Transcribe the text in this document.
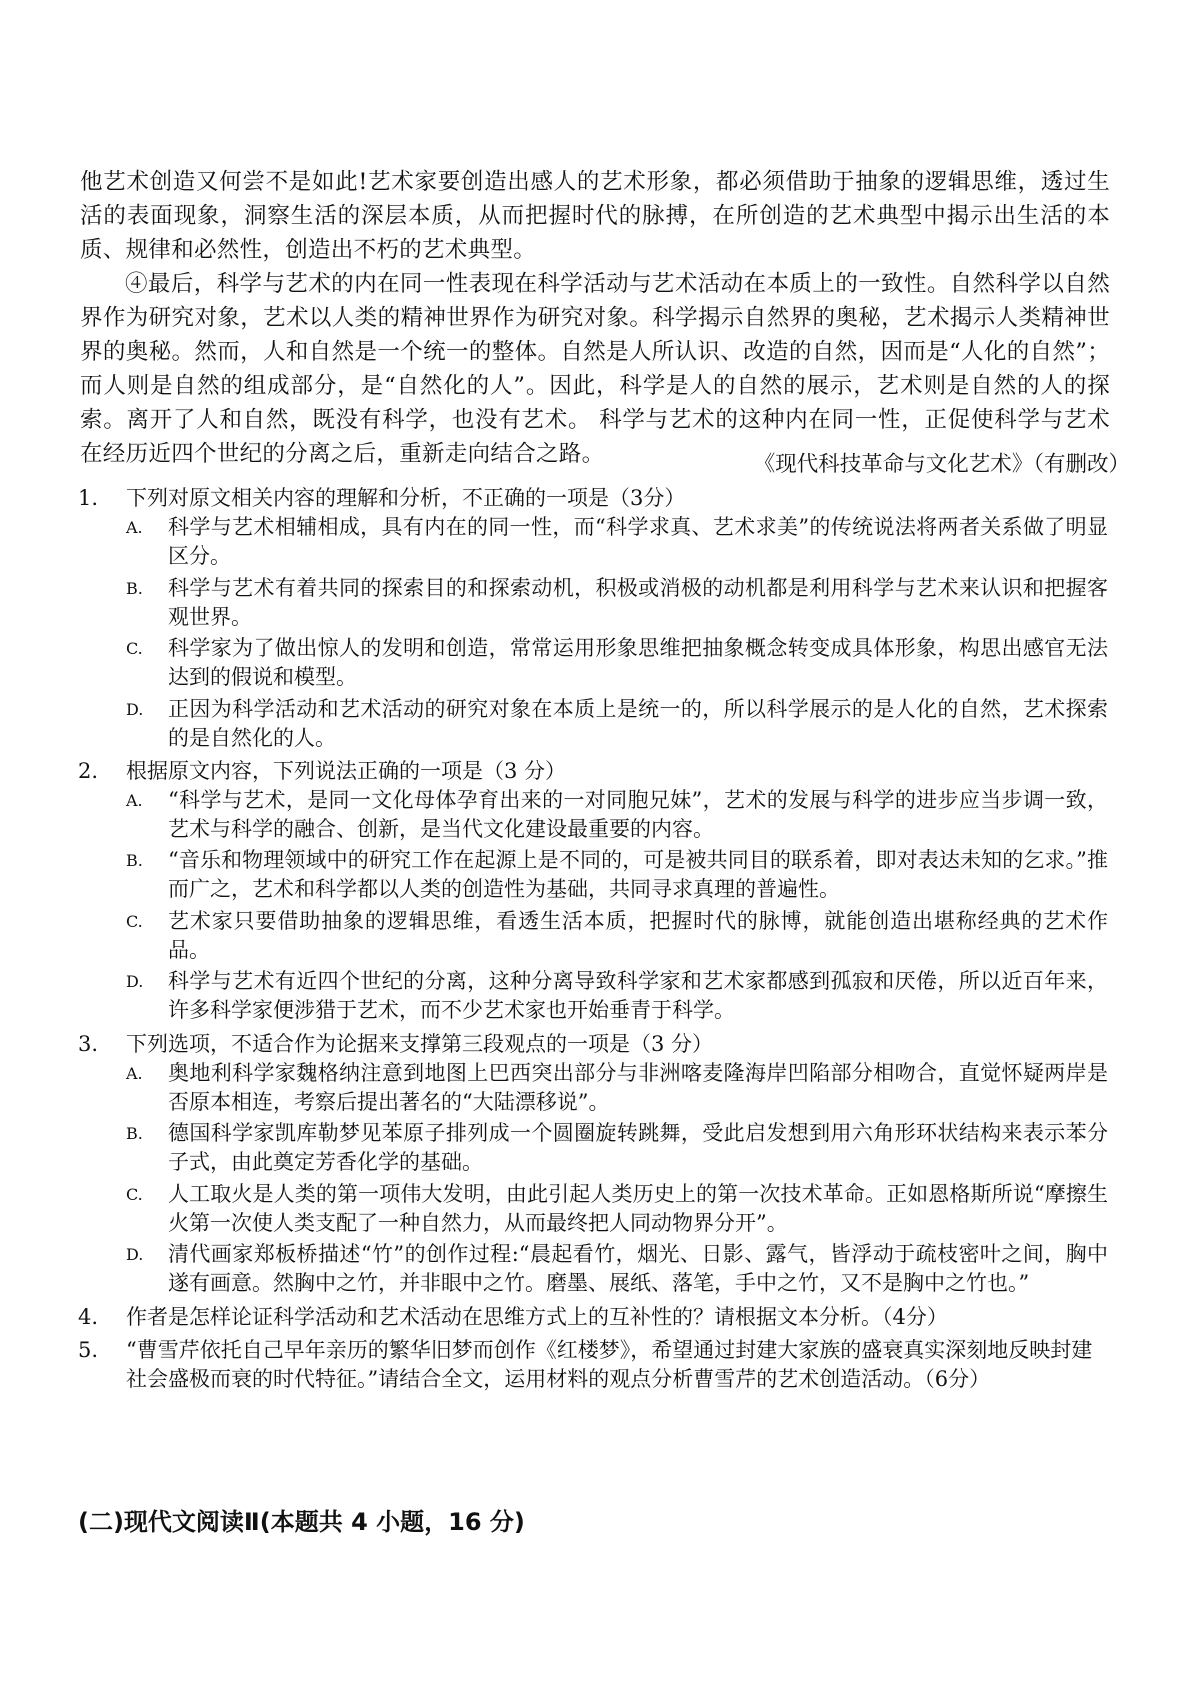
他艺术创造又何尝不是如此!艺术家要创造出感人的艺术形象，都必须借助于抽象的逻辑思维，透过生活的表面现象，洞察生活的深层本质，从而把握时代的脉搏，在所创造的艺术典型中揭示出生活的本质、规律和必然性，创造出不朽的艺术典型。

④最后，科学与艺术的内在同一性表现在科学活动与艺术活动在本质上的一致性。自然科学以自然界作为研究对象，艺术以人类的精神世界作为研究对象。科学揭示自然界的奥秘，艺术揭示人类精神世界的奥秘。然而，人和自然是一个统一的整体。自然是人所认识、改造的自然，因而是“人化的自然”；而人则是自然的组成部分，是“自然化的人”。因此，科学是人的自然的展示，艺术则是自然的人的探索。离开了人和自然，既没有科学，也没有艺术。 科学与艺术的这种内在同一性，正促使科学与艺术在经历近四个世纪的分离之后，重新走向结合之路。	《现代科技革命与文化艺术》（有删改）
1. 下列对原文相关内容的理解和分析，不正确的一项是（3分）
A. 科学与艺术相辅相成，具有内在的同一性，而“科学求真、艺术求美”的传统说法将两者关系做了明显区分。
B. 科学与艺术有着共同的探索目的和探索动机，积极或消极的动机都是利用科学与艺术来认识和把握客观世界。
C. 科学家为了做出惊人的发明和创造，常常运用形象思维把抽象概念转变成具体形象，构思出感官无法达到的假说和模型。
D. 正因为科学活动和艺术活动的研究对象在本质上是统一的，所以科学展示的是人化的自然，艺术探索的是自然化的人。
2. 根据原文内容，下列说法正确的一项是（3 分）
A. “科学与艺术，是同一文化母体孕育出来的一对同胞兄妹”，艺术的发展与科学的进步应当步调一致，艺术与科学的融合、创新，是当代文化建设最重要的内容。
B. “音乐和物理领域中的研究工作在起源上是不同的，可是被共同目的联系着，即对表达未知的乞求。”推而广之，艺术和科学都以人类的创造性为基础，共同寻求真理的普遍性。
C. 艺术家只要借助抽象的逻辑思维，看透生活本质，把握时代的脉博，就能创造出堪称经典的艺术作品。
D. 科学与艺术有近四个世纪的分离，这种分离导致科学家和艺术家都感到孤寂和厌倦，所以近百年来，许多科学家便涉猎于艺术，而不少艺术家也开始垂青于科学。
3. 下列选项，不适合作为论据来支撑第三段观点的一项是（3 分）
A. 奥地利科学家魏格纳注意到地图上巴西突出部分与非洲喀麦隆海岸凹陷部分相吻合，直觉怀疑两岸是否原本相连，考察后提出著名的“大陆漂移说”。
B. 德国科学家凯库勒梦见苯原子排列成一个圆圈旋转跳舞，受此启发想到用六角形环状结构来表示苯分子式，由此奠定芳香化学的基础。
C. 人工取火是人类的第一项伟大发明，由此引起人类历史上的第一次技术革命。正如恩格斯所说“摩擦生火第一次使人类支配了一种自然力，从而最终把人同动物界分开”。
D. 清代画家郑板桥描述“竹”的创作过程:“晨起看竹，烟光、日影、露气，皆浮动于疏枝密叶之间，胸中遂有画意。然胸中之竹，并非眼中之竹。磨墨、展纸、落笔，手中之竹，又不是胸中之竹也。”
4. 作者是怎样论证科学活动和艺术活动在思维方式上的互补性的？请根据文本分析。（4分）
5. “曹雪芹依托自己早年亲历的繁华旧梦而创作《红楼梦》，希望通过封建大家族的盛衰真实深刻地反映封建社会盛极而衰的时代特征。”请结合全文，运用材料的观点分析曹雪芹的艺术创造活动。（6分）
(二)现代文阅读Ⅱ(本题共 4 小题，16 分)
